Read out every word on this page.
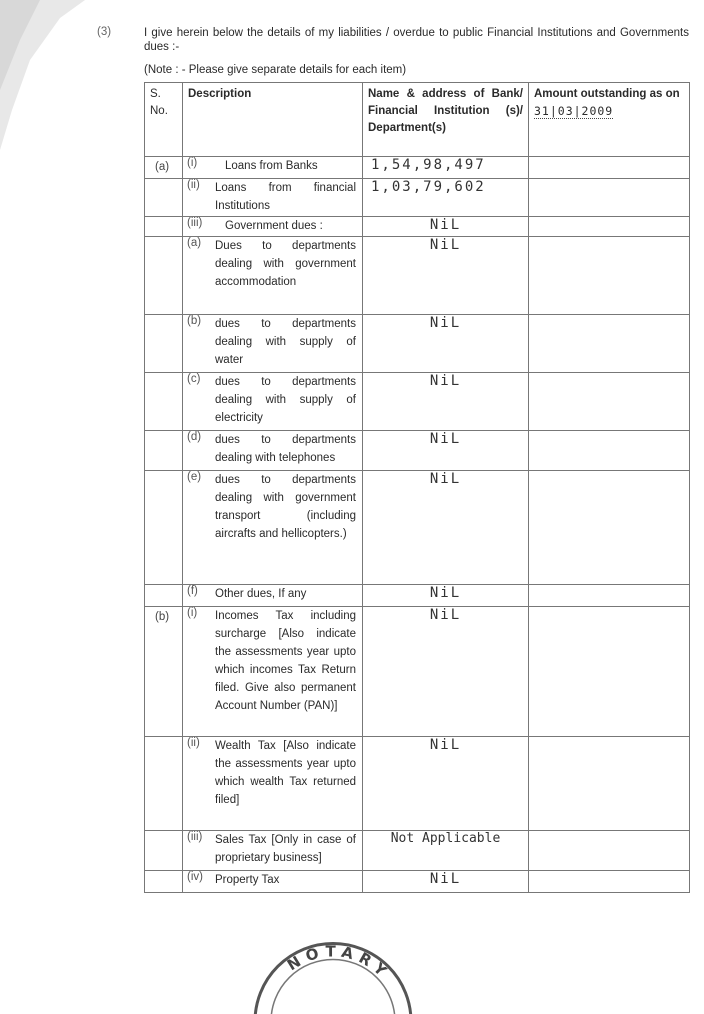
(3)	I give herein below the details of my liabilities / overdue to public Financial Institutions and Governments dues :-
(Note : - Please give separate details for each item)
S. No.	Description	Name & address of Bank/ Financial Institution (s)/ Department(s)	Amount outstanding as on 31|03|2009
(a)	(i) Loans from Banks	1,54,98,497	

	(ii) Loans from financial Institutions	1,03,79,602	

	(iii) Government dues :	NiL	

	(a) Dues to departments dealing with government accommodation	NiL	

	(b) dues to departments dealing with supply of water	NiL	

	(c) dues to departments dealing with supply of electricity	NiL	

	(d) dues to departments dealing with telephones	NiL	

	(e) dues to departments dealing with government transport (including aircrafts and hellicopters.)	NiL	

	(f) Other dues, If any	NiL	

(b)	(i) Incomes Tax including surcharge [Also indicate the assessments year upto which incomes Tax Return filed. Give also permanent Account Number (PAN)]	NiL	

	(ii) Wealth Tax [Also indicate the assessments year upto which wealth Tax returned filed]	NiL	

	(iii) Sales Tax [Only in case of proprietary business]	Not Applicable	

	(iv) Property Tax	NiL	

NOTARY
